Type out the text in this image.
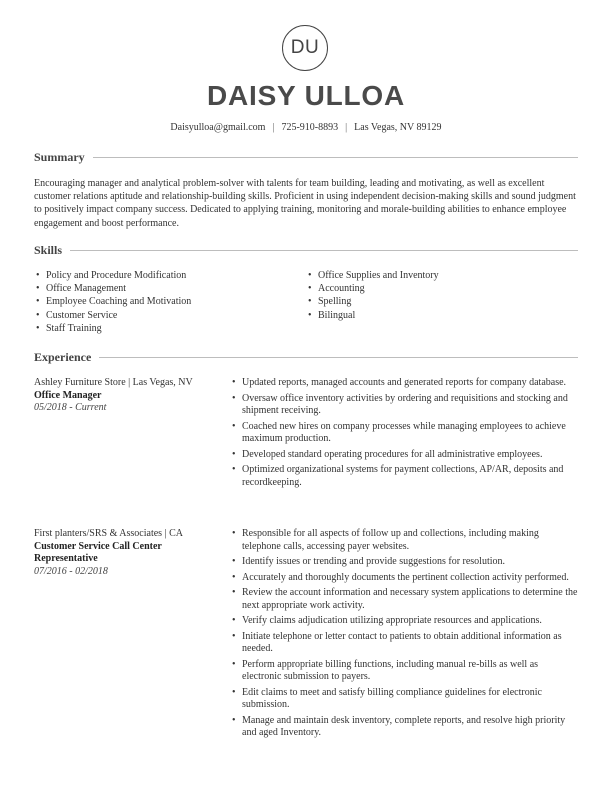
DU
DAISY ULLOA
Daisyulloa@gmail.com | 725-910-8893 | Las Vegas, NV 89129
Summary
Encouraging manager and analytical problem-solver with talents for team building, leading and motivating, as well as excellent customer relations aptitude and relationship-building skills. Proficient in using independent decision-making skills and sound judgment to positively impact company success. Dedicated to applying training, monitoring and morale-building abilities to enhance employee engagement and boost performance.
Skills
• Policy and Procedure Modification
• Office Management
• Employee Coaching and Motivation
• Customer Service
• Staff Training
• Office Supplies and Inventory
• Accounting
• Spelling
• Bilingual
Experience
Ashley Furniture Store | Las Vegas, NV
Office Manager
05/2018 - Current
• Updated reports, managed accounts and generated reports for company database.
• Oversaw office inventory activities by ordering and requisitions and stocking and shipment receiving.
• Coached new hires on company processes while managing employees to achieve maximum production.
• Developed standard operating procedures for all administrative employees.
• Optimized organizational systems for payment collections, AP/AR, deposits and recordkeeping.
First planters/SRS & Associates | CA
Customer Service Call Center Representative
07/2016 - 02/2018
• Responsible for all aspects of follow up and collections, including making telephone calls, accessing payer websites.
• Identify issues or trending and provide suggestions for resolution.
• Accurately and thoroughly documents the pertinent collection activity performed.
• Review the account information and necessary system applications to determine the next appropriate work activity.
• Verify claims adjudication utilizing appropriate resources and applications.
• Initiate telephone or letter contact to patients to obtain additional information as needed.
• Perform appropriate billing functions, including manual re-bills as well as electronic submission to payers.
• Edit claims to meet and satisfy billing compliance guidelines for electronic submission.
• Manage and maintain desk inventory, complete reports, and resolve high priority and aged Inventory.
